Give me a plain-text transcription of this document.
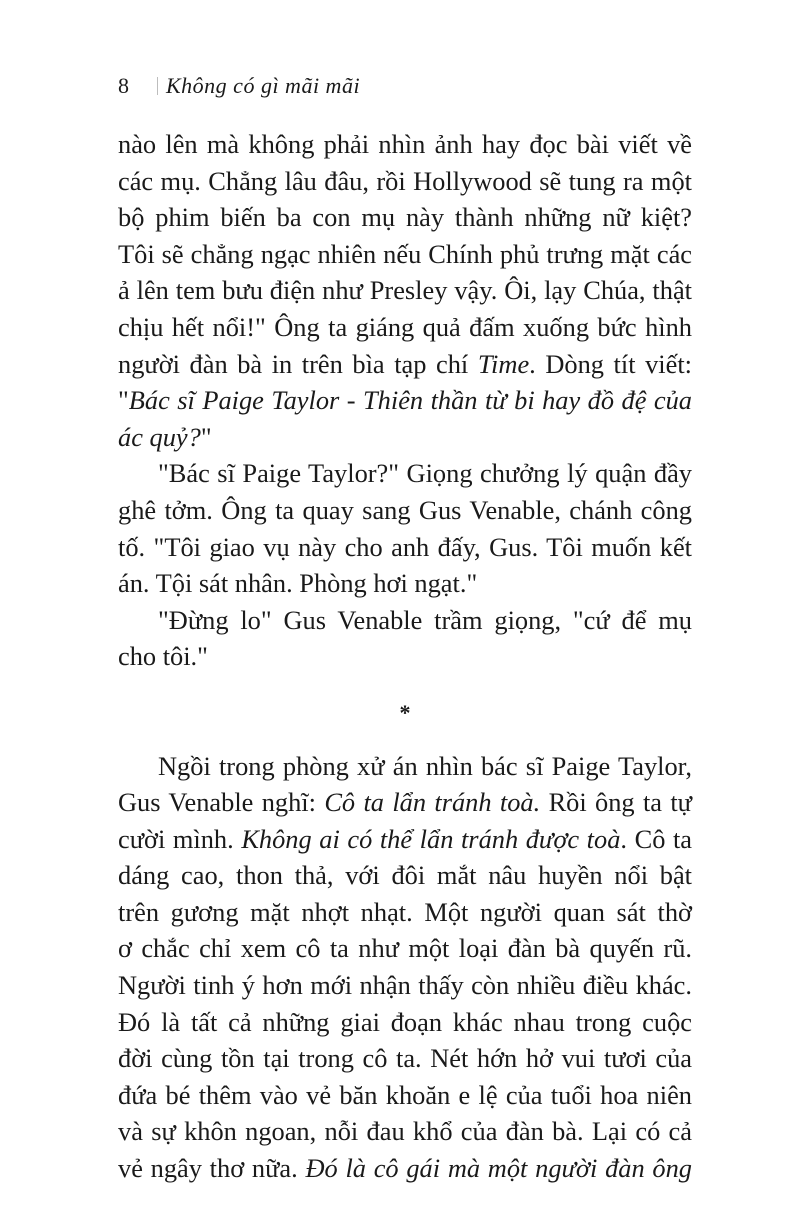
8 Không có gì mãi mãi
nào lên mà không phải nhìn ảnh hay đọc bài viết về
các mụ. Chẳng lâu đâu, rồi Hollywood sẽ tung ra một
bộ phim biến ba con mụ này thành những nữ kiệt?
Tôi sẽ chẳng ngạc nhiên nếu Chính phủ trưng mặt các
ả lên tem bưu điện như Presley vậy. Ôi, lạy Chúa, thật
chịu hết nổi!" Ông ta giáng quả đấm xuống bức hình
người đàn bà in trên bìa tạp chí Time. Dòng tít viết:
"Bác sĩ Paige Taylor - Thiên thần từ bi hay đồ đệ của
ác quỷ?"
"Bác sĩ Paige Taylor?" Giọng chưởng lý quận đầy
ghê tởm. Ông ta quay sang Gus Venable, chánh công
tố. "Tôi giao vụ này cho anh đấy, Gus. Tôi muốn kết
án. Tội sát nhân. Phòng hơi ngạt."
"Đừng lo" Gus Venable trầm giọng, "cứ để mụ
cho tôi."
*
Ngồi trong phòng xử án nhìn bác sĩ Paige Taylor,
Gus Venable nghĩ: Cô ta lẩn tránh toà. Rồi ông ta tự
cười mình. Không ai có thể lẩn tránh được toà. Cô ta
dáng cao, thon thả, với đôi mắt nâu huyền nổi bật
trên gương mặt nhợt nhạt. Một người quan sát thờ
ơ chắc chỉ xem cô ta như một loại đàn bà quyến rũ.
Người tinh ý hơn mới nhận thấy còn nhiều điều khác.
Đó là tất cả những giai đoạn khác nhau trong cuộc
đời cùng tồn tại trong cô ta. Nét hớn hở vui tươi của
đứa bé thêm vào vẻ băn khoăn e lệ của tuổi hoa niên
và sự khôn ngoan, nỗi đau khổ của đàn bà. Lại có cả
vẻ ngây thơ nữa. Đó là cô gái mà một người đàn ông
